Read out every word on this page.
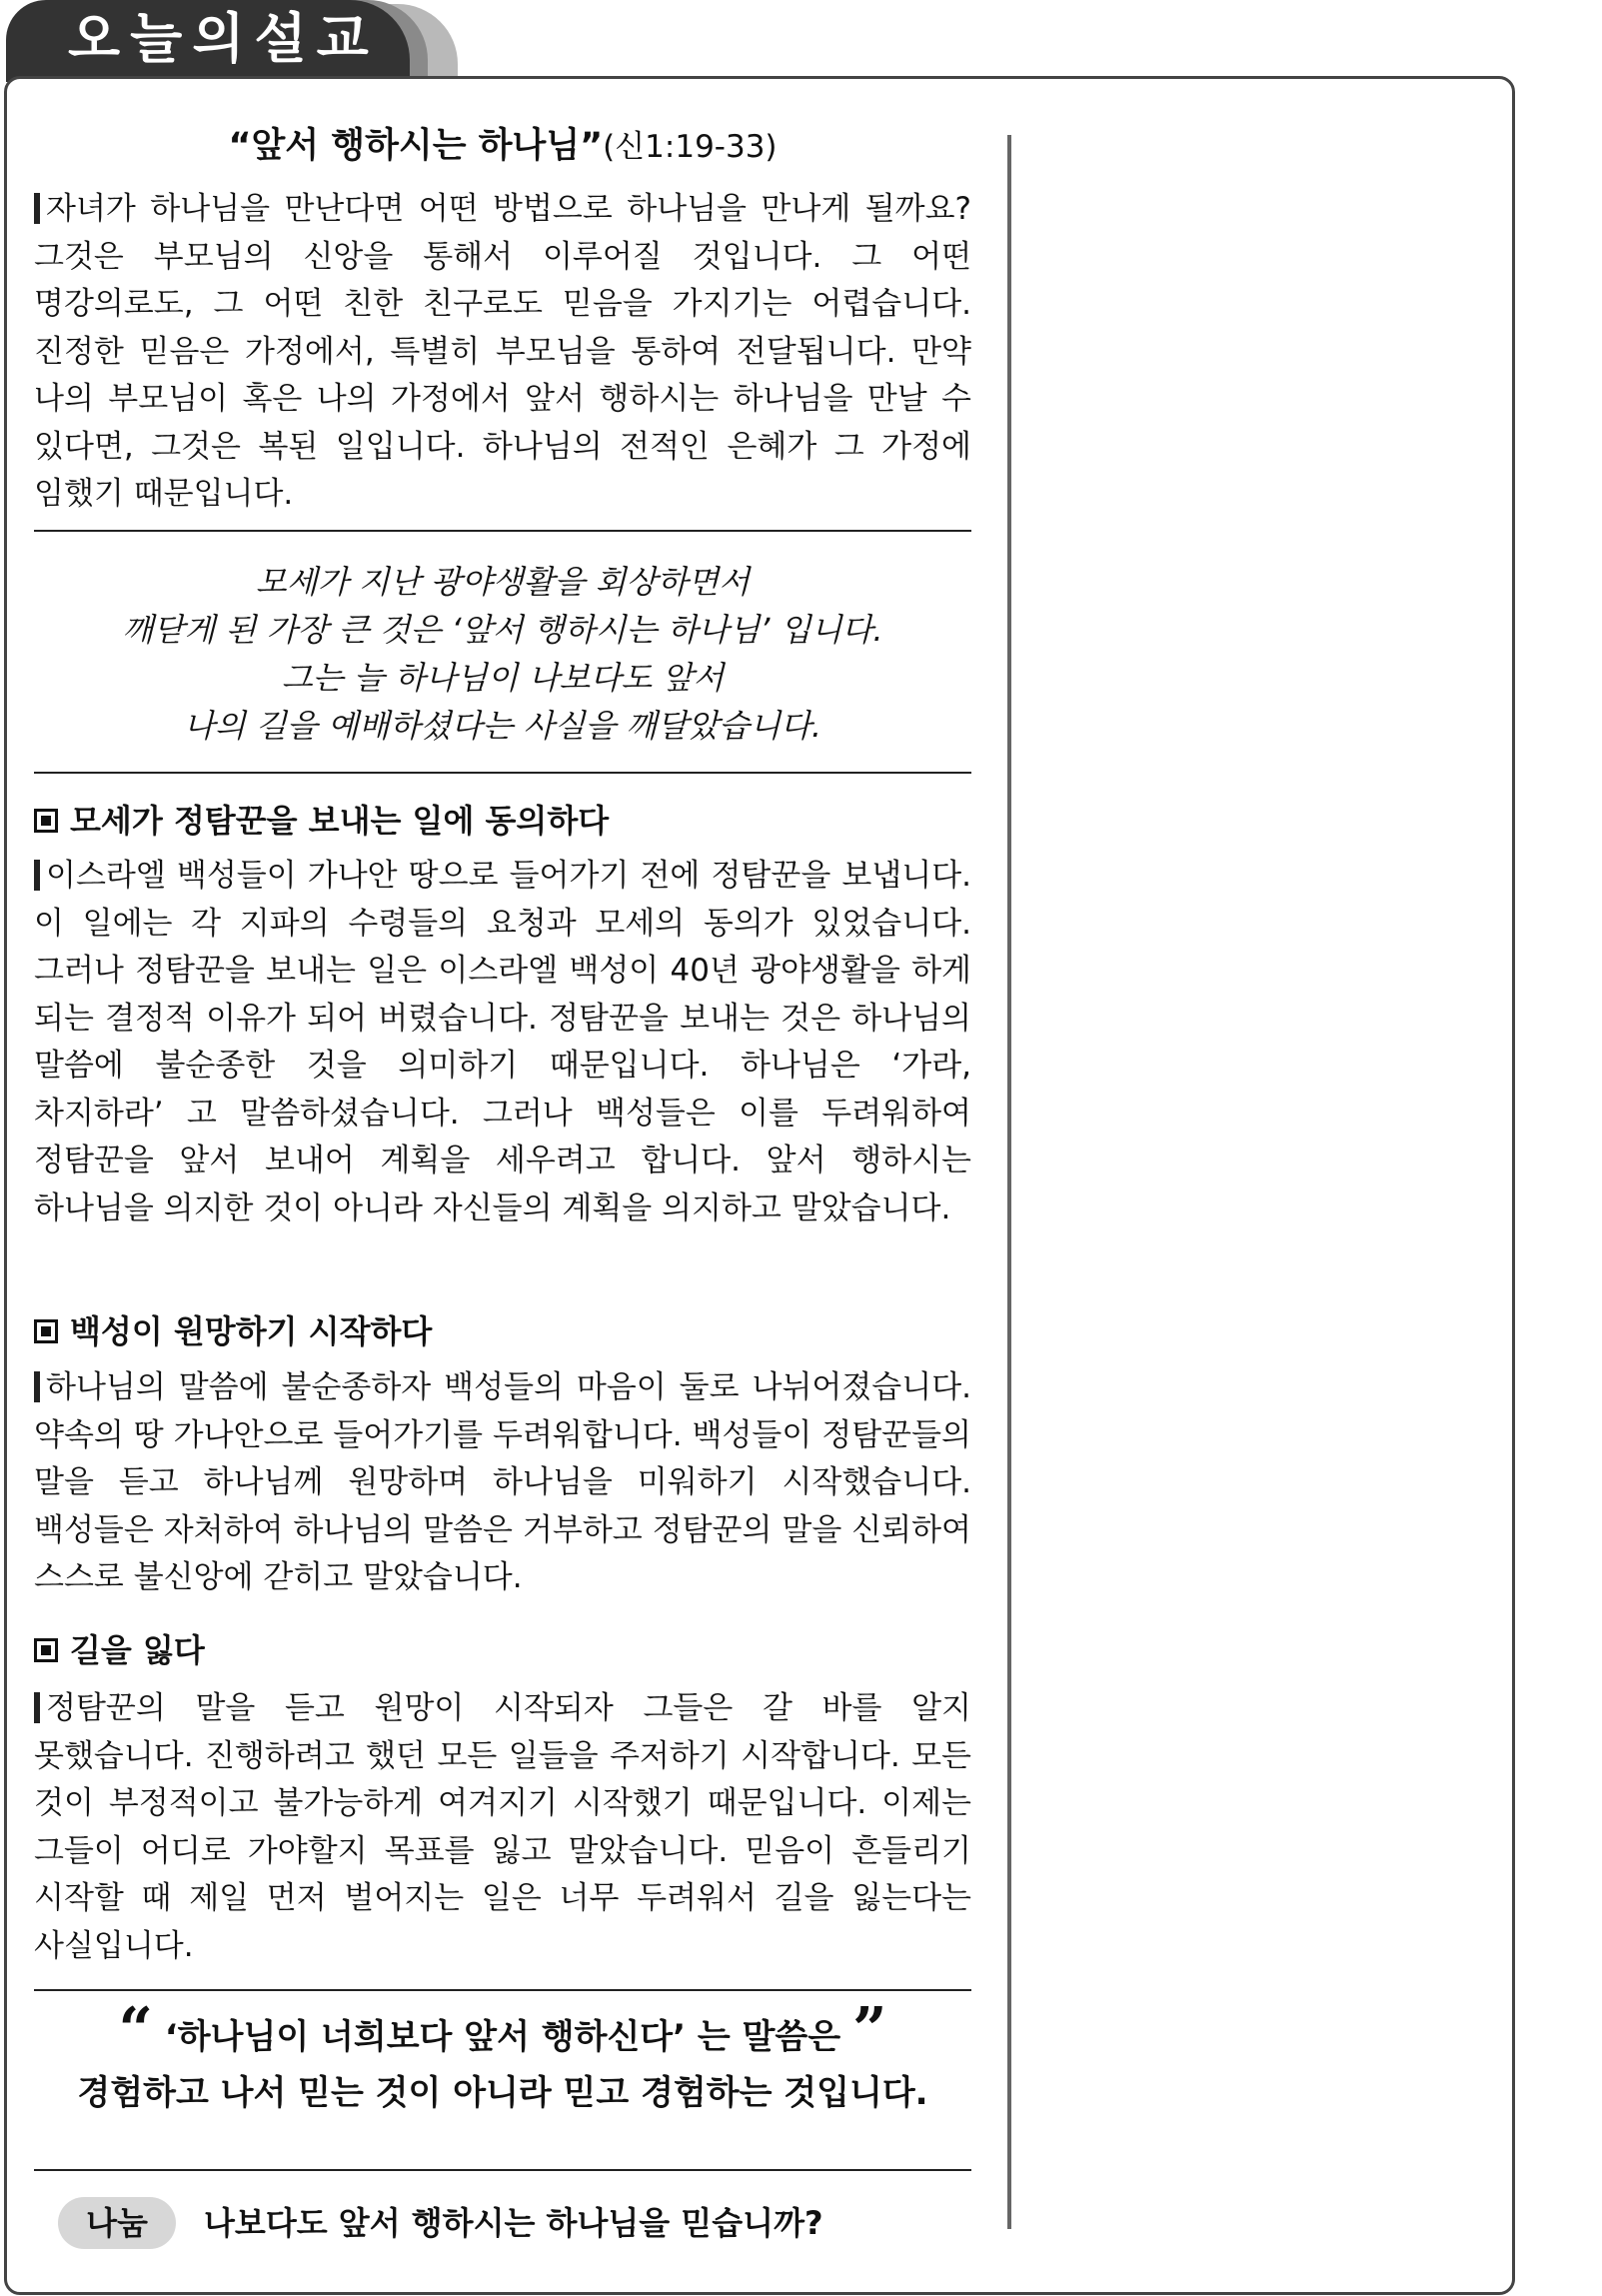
오늘의설교
“앞서 행하시는 하나님”(신1:19-33)

자녀가 하나님을 만난다면 어떤 방법으로 하나님을 만나게 될까요? 그것은 부모님의 신앙을 통해서 이루어질 것입니다. 그 어떤 명강의로도, 그 어떤 친한 친구로도 믿음을 가지기는 어렵습니다. 진정한 믿음은 가정에서, 특별히 부모님을 통하여 전달됩니다. 만약 나의 부모님이 혹은 나의 가정에서 앞서 행하시는 하나님을 만날 수 있다면, 그것은 복된 일입니다. 하나님의 전적인 은혜가 그 가정에 임했기 때문입니다.

모세가 지난 광야생활을 회상하면서
깨닫게 된 가장 큰 것은 ‘앞서 행하시는 하나님’ 입니다.
그는 늘 하나님이 나보다도 앞서
나의 길을 예배하셨다는 사실을 깨달았습니다.
모세가 정탐꾼을 보내는 일에 동의하다

이스라엘 백성들이 가나안 땅으로 들어가기 전에 정탐꾼을 보냅니다. 이 일에는 각 지파의 수령들의 요청과 모세의 동의가 있었습니다. 그러나 정탐꾼을 보내는 일은 이스라엘 백성이 40년 광야생활을 하게 되는 결정적 이유가 되어 버렸습니다. 정탐꾼을 보내는 것은 하나님의 말씀에 불순종한 것을 의미하기 때문입니다. 하나님은 ‘가라, 차지하라’ 고 말씀하셨습니다. 그러나 백성들은 이를 두려워하여 정탐꾼을 앞서 보내어 계획을 세우려고 합니다. 앞서 행하시는 하나님을 의지한 것이 아니라 자신들의 계획을 의지하고 말았습니다.

백성이 원망하기 시작하다

하나님의 말씀에 불순종하자 백성들의 마음이 둘로 나뉘어졌습니다. 약속의 땅 가나안으로 들어가기를 두려워합니다. 백성들이 정탐꾼들의 말을 듣고 하나님께 원망하며 하나님을 미워하기 시작했습니다. 백성들은 자처하여 하나님의 말씀은 거부하고 정탐꾼의 말을 신뢰하여 스스로 불신앙에 갇히고 말았습니다.

길을 잃다

정탐꾼의 말을 듣고 원망이 시작되자 그들은 갈 바를 알지 못했습니다. 진행하려고 했던 모든 일들을 주저하기 시작합니다. 모든 것이 부정적이고 불가능하게 여겨지기 시작했기 때문입니다. 이제는 그들이 어디로 가야할지 목표를 잃고 말았습니다. 믿음이 흔들리기 시작할 때 제일 먼저 벌어지는 일은 너무 두려워서 길을 잃는다는 사실입니다.

“ ‘하나님이 너희보다 앞서 행하신다’ 는 말씀은 ”
경험하고 나서 믿는 것이 아니라 믿고 경험하는 것입니다.
나눔 나보다도 앞서 행하시는 하나님을 믿습니까?
